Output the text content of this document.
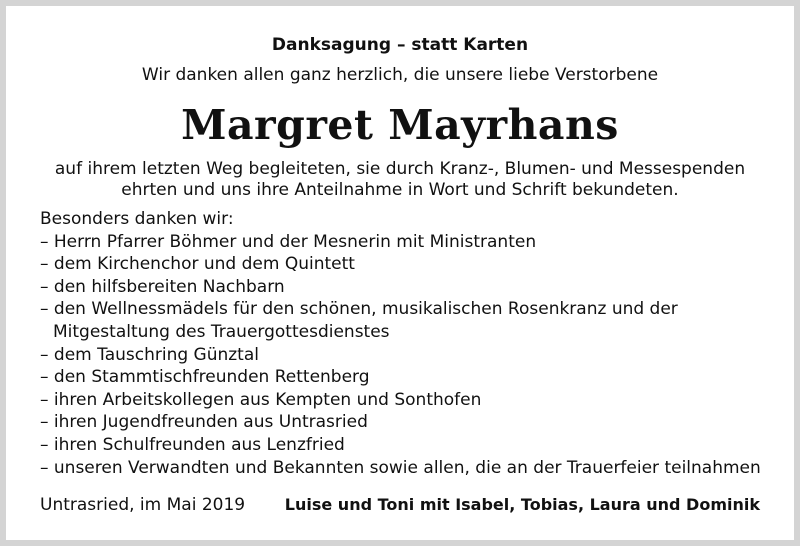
Danksagung – statt Karten
Wir danken allen ganz herzlich, die unsere liebe Verstorbene
Margret Mayrhans
auf ihrem letzten Weg begleiteten, sie durch Kranz-, Blumen- und Messespenden
ehrten und uns ihre Anteilnahme in Wort und Schrift bekundeten.
Besonders danken wir:
– Herrn Pfarrer Böhmer und der Mesnerin mit Ministranten
– dem Kirchenchor und dem Quintett
– den hilfsbereiten Nachbarn
– den Wellnessmädels für den schönen, musikalischen Rosenkranz und der
Mitgestaltung des Trauergottesdienstes
– dem Tauschring Günztal
– den Stammtischfreunden Rettenberg
– ihren Arbeitskollegen aus Kempten und Sonthofen
– ihren Jugendfreunden aus Untrasried
– ihren Schulfreunden aus Lenzfried
– unseren Verwandten und Bekannten sowie allen, die an der Trauerfeier teilnahmen
Untrasried, im Mai 2019 Luise und Toni mit Isabel, Tobias, Laura und Dominik
